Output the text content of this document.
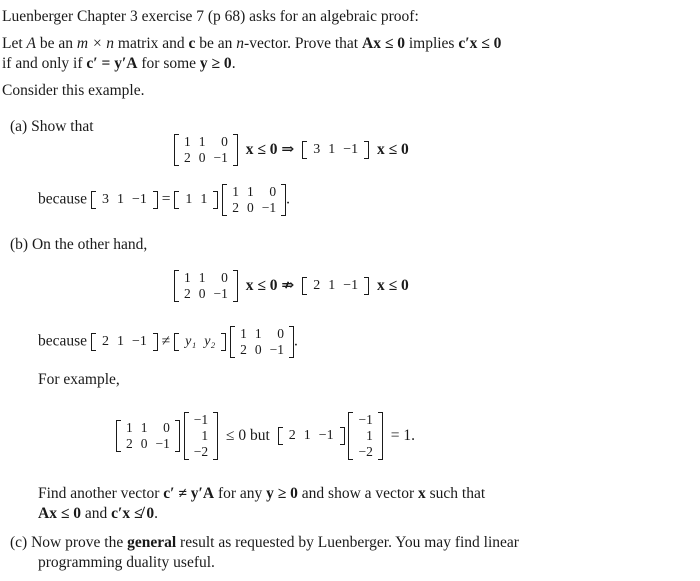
Luenberger Chapter 3 exercise 7 (p 68) asks for an algebraic proof:
Let A be an m × n matrix and c be an n-vector. Prove that Ax ≤ 0 implies c′x ≤ 0
if and only if c′ = y′A for some y ≥ 0.
Consider this example.
(a) Show that
1	1	0
2	0	−1 x ≤ 0 ⇒ 3 1 −1 x ≤ 0
because 3 1 −1 = 1 1
1	1	0
2	0	−1 .
(b) On the other hand,
1	1	0
2	0	−1 x ≤ 0 ⇏ 2 1 −1 x ≤ 0
because 2 1 −1 ≠ y₁ y₂
1	1	0
2	0	−1 .
For example,
1	1	0
2	0	−1

−1
1
−2
≤ 0 but 2 1 −1
−1
1
−2
= 1.
Find another vector c′ ≠ y′A for any y ≥ 0 and show a vector x such that
Ax ≤ 0 and c′x ≰ 0.
(c) Now prove the general result as requested by Luenberger. You may find linear
programming duality useful.
